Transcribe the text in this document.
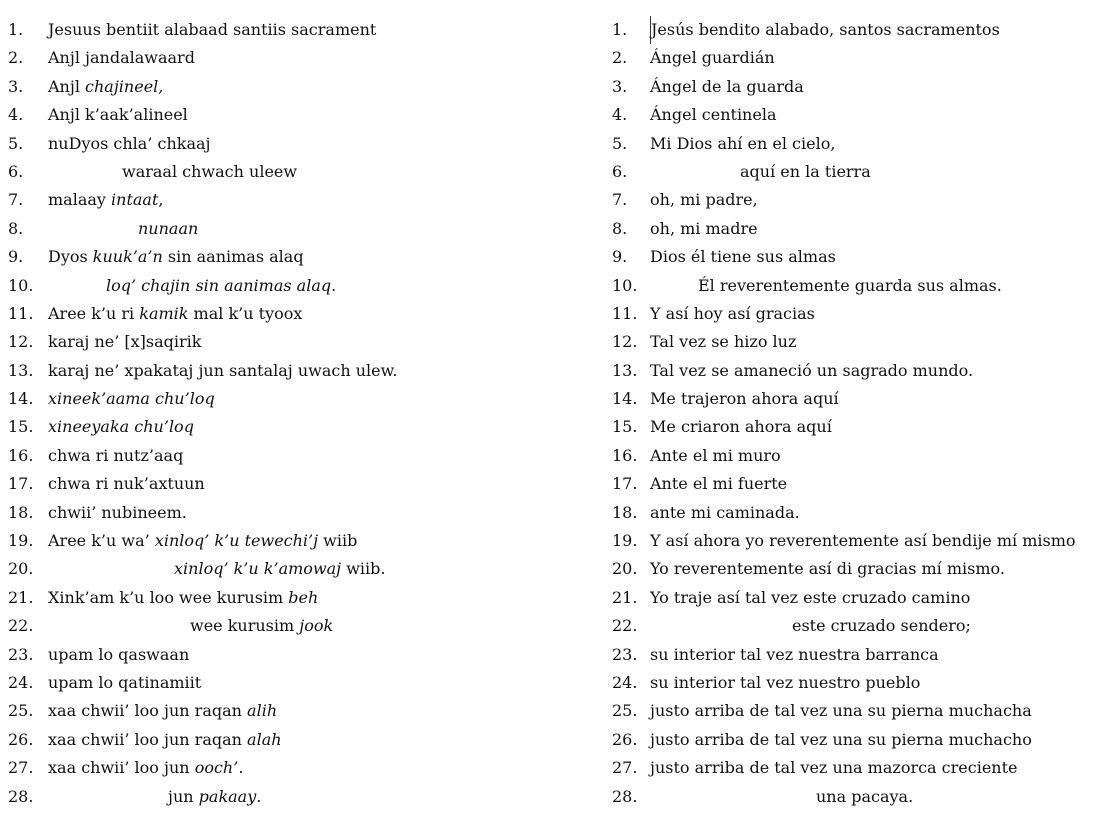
1.	Jesuus bentiit alabaad santiis sacrament
2.	Anjl jandalawaard
3.	Anjl chajineel,
4.	Anjl k’aak’alineel
5.	nuDyos chla’ chkaaj
6.	waraal chwach uleew
7.	malaay intaat,
8.	nunaan
9.	Dyos kuuk’a’n sin aanimas alaq
10.	loq’ chajin sin aanimas alaq.
11. Aree k’u ri kamik mal k’u tyoox
12. karaj ne’ [x]saqirik
13. karaj ne’ xpakataj jun santalaj uwach ulew.
14. xineek’aama chu’loq
15. xineeyaka chu’loq
16. chwa ri nutz’aaq
17. chwa ri nuk’axtuun
18. chwii’ nubineem.
19. Aree k’u wa’ xinloq’ k’u tewechi’j wiib
20.	xinloq’ k’u k’amowaj wiib.
21. Xink’am k’u loo wee kurusim beh
22.	wee kurusim jook
23. upam lo qaswaan
24. upam lo qatinamiit
25. xaa chwii’ loo jun raqan alih
26. xaa chwii’ loo jun raqan alah
27. xaa chwii’ loo jun ooch’.
28.	jun pakaay.
1.	Jesús bendito alabado, santos sacramentos
2.	Ángel guardián
3.	Ángel de la guarda
4.	Ángel centinela
5.	Mi Dios ahí en el cielo,
6.	aquí en la tierra
7.	oh, mi padre,
8.	oh, mi madre
9.	Dios él tiene sus almas
10.	Él reverentemente guarda sus almas.
11. Y así hoy así gracias
12. Tal vez se hizo luz
13. Tal vez se amaneció un sagrado mundo.
14. Me trajeron ahora aquí
15. Me criaron ahora aquí
16. Ante el mi muro
17. Ante el mi fuerte
18. ante mi caminada.
19. Y así ahora yo reverentemente así bendije mí mismo
20. Yo reverentemente así di gracias mí mismo.
21. Yo traje así tal vez este cruzado camino
22.	este cruzado sendero;
23. su interior tal vez nuestra barranca
24. su interior tal vez nuestro pueblo
25. justo arriba de tal vez una su pierna muchacha
26. justo arriba de tal vez una su pierna muchacho
27. justo arriba de tal vez una mazorca creciente
28.	una pacaya.
